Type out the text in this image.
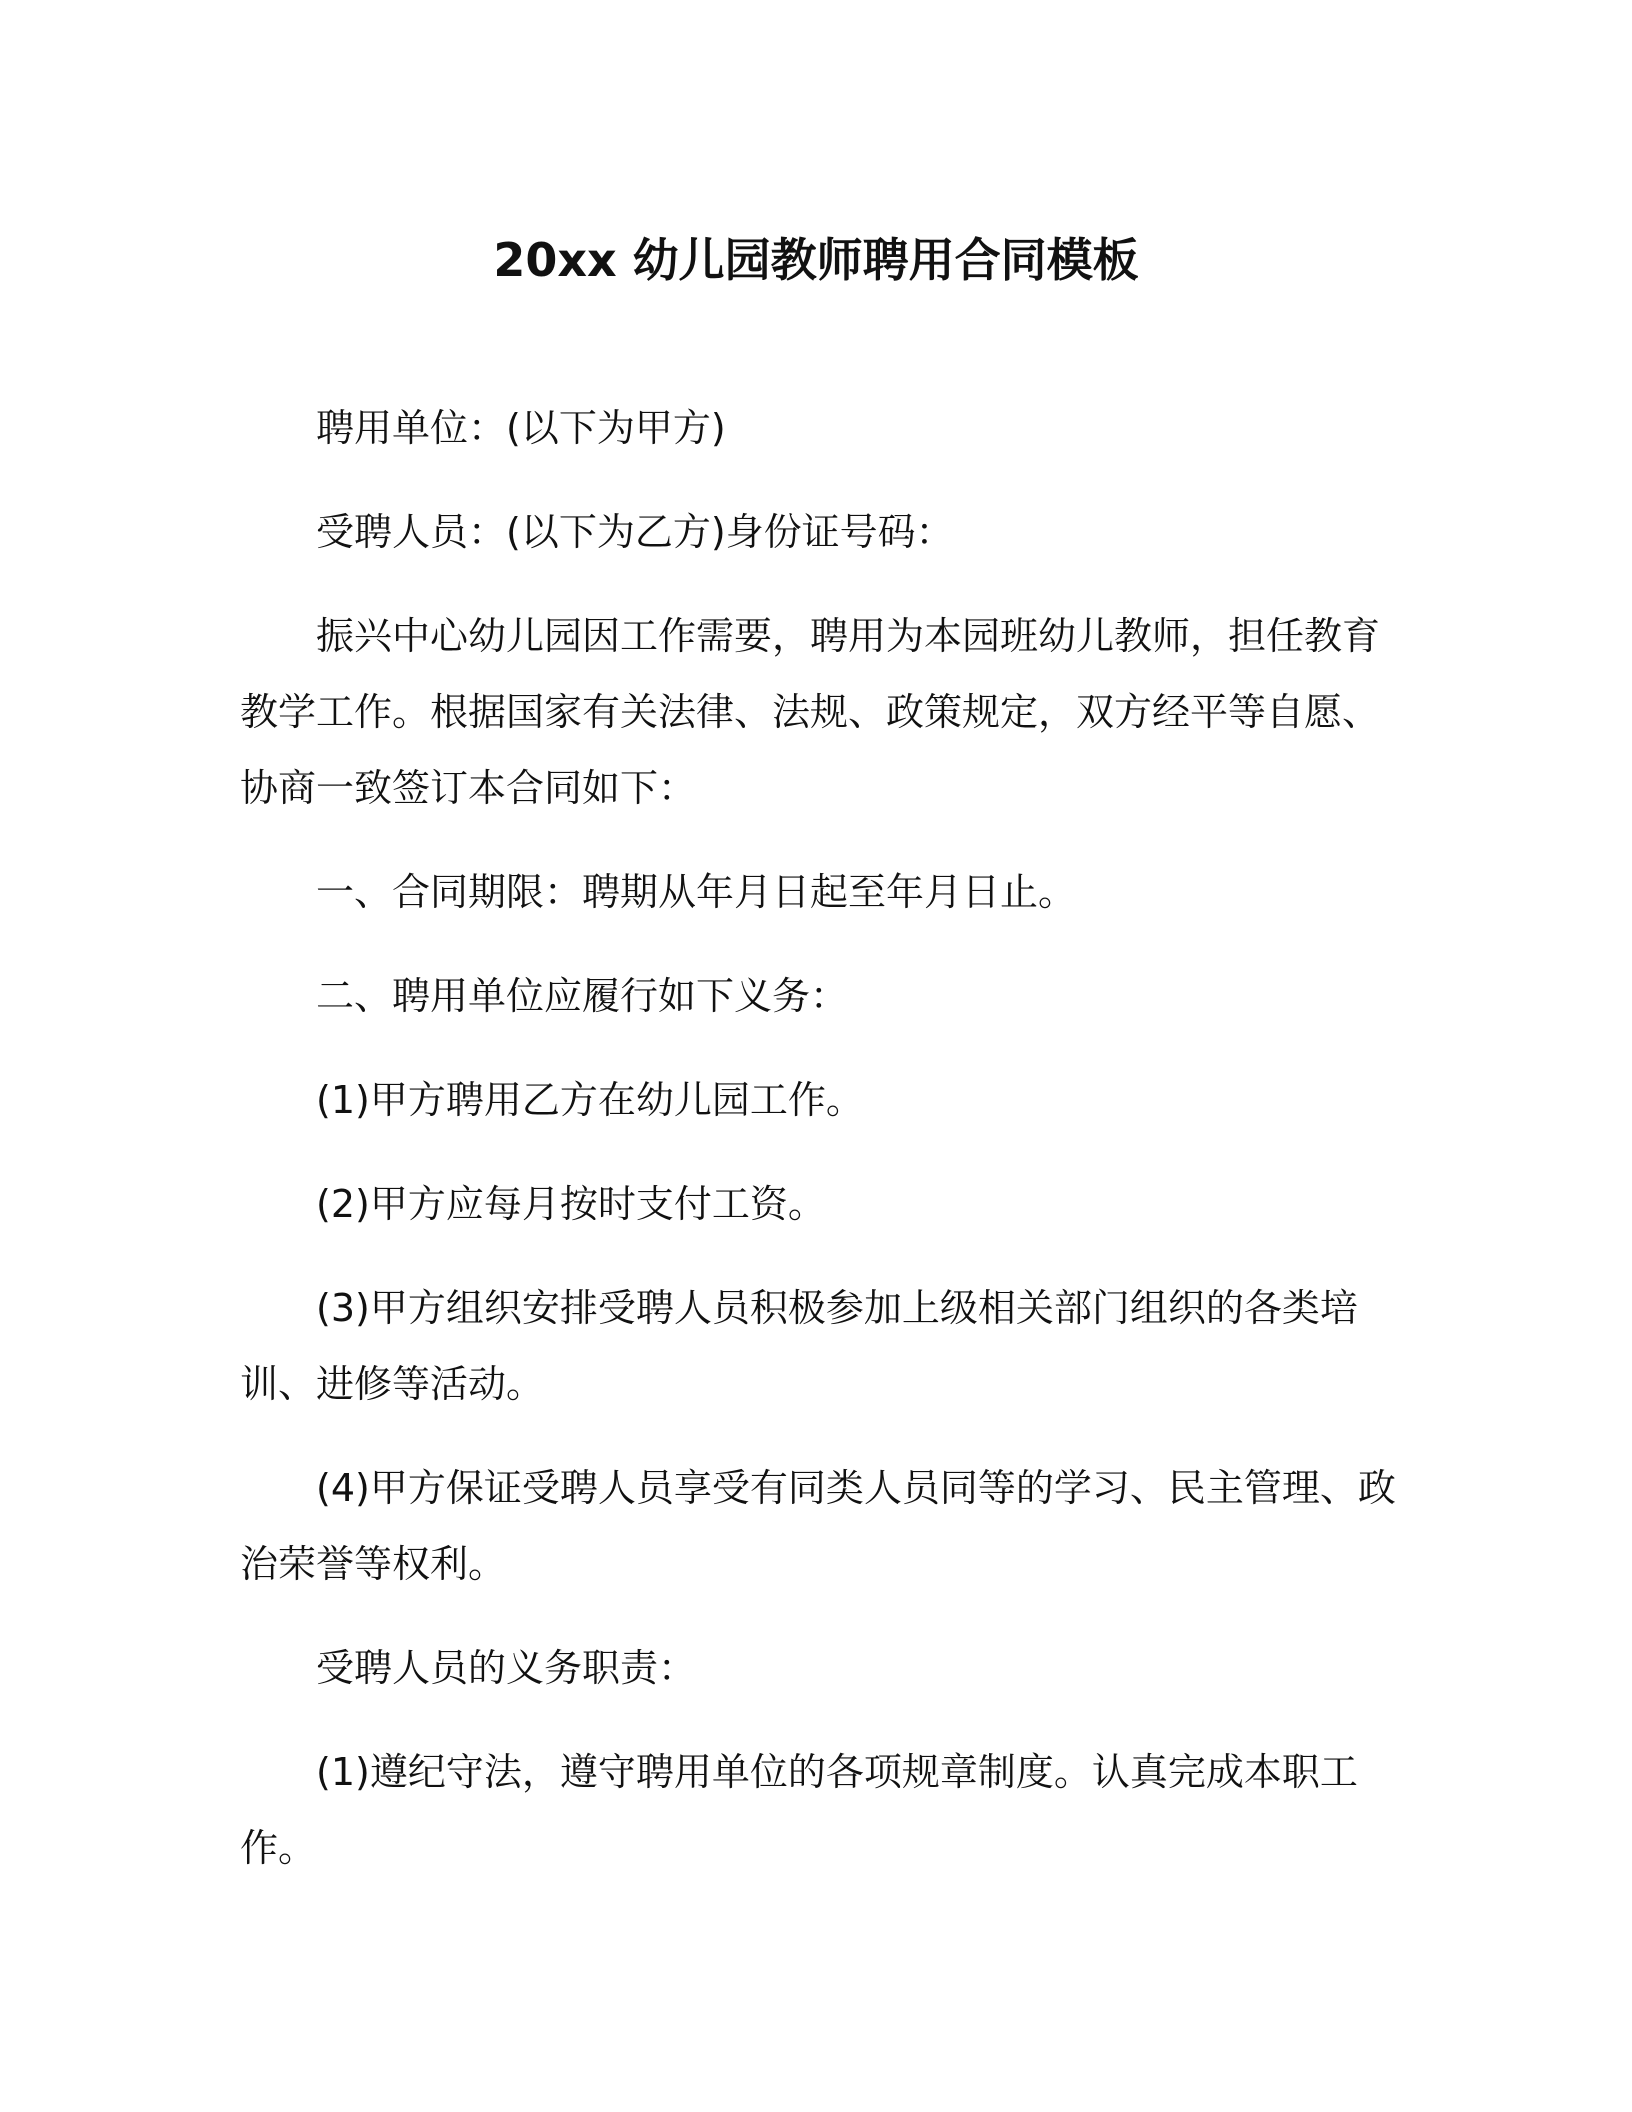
20xx 幼儿园教师聘用合同模板

聘用单位：(以下为甲方)

受聘人员：(以下为乙方)身份证号码：

振兴中心幼儿园因工作需要，聘用为本园班幼儿教师，担任教育教学工作。根据国家有关法律、法规、政策规定，双方经平等自愿、协商一致签订本合同如下：

一、合同期限：聘期从年月日起至年月日止。

二、聘用单位应履行如下义务：

(1)甲方聘用乙方在幼儿园工作。

(2)甲方应每月按时支付工资。

(3)甲方组织安排受聘人员积极参加上级相关部门组织的各类培训、进修等活动。

(4)甲方保证受聘人员享受有同类人员同等的学习、民主管理、政治荣誉等权利。

受聘人员的义务职责：

(1)遵纪守法，遵守聘用单位的各项规章制度。认真完成本职工作。
